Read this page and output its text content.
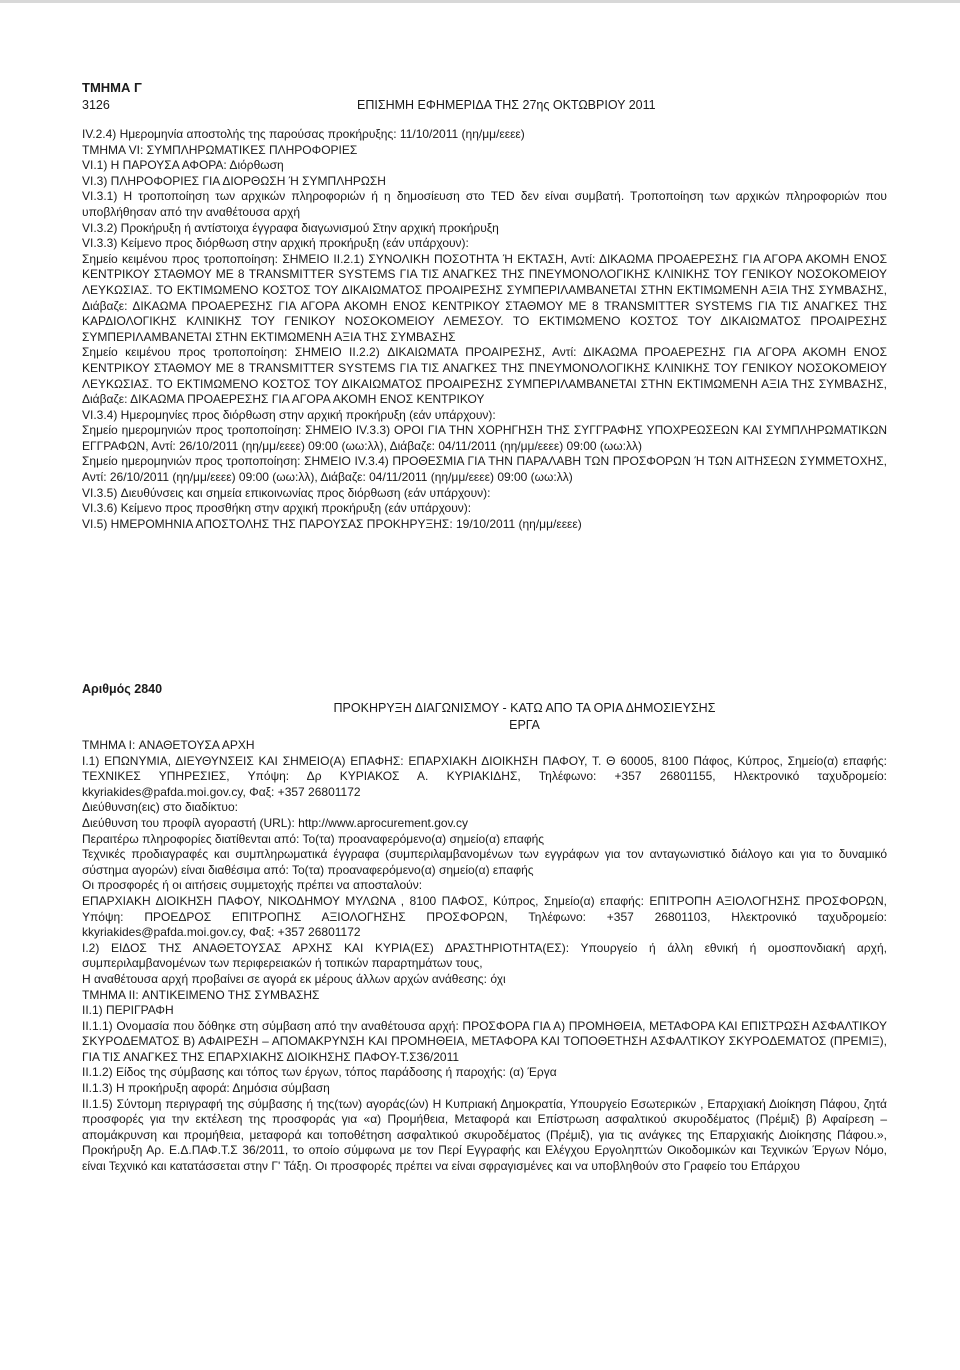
ΤΜΗΜΑ Γ
3126	ΕΠΙΣΗΜΗ ΕΦΗΜΕΡΙΔΑ ΤΗΣ 27ης ΟΚΤΩΒΡΙΟΥ 2011

IV.2.4) Ημερομηνία αποστολής της παρούσας προκήρυξης: 11/10/2011 (ηη/μμ/εεεε)

ΤΜΗΜΑ VI: ΣΥΜΠΛΗΡΩΜΑΤΙΚΕΣ ΠΛΗΡΟΦΟΡΙΕΣ

VI.1) Η ΠΑΡΟΥΣΑ ΑΦΟΡΑ: Διόρθωση

VI.3) ΠΛΗΡΟΦΟΡΙΕΣ ΓΙΑ ΔΙΟΡΘΩΣΗ Ή ΣΥΜΠΛΗΡΩΣΗ

VI.3.1) Η τροποποίηση των αρχικών πληροφοριών ή η δημοσίευση στο TED δεν είναι συμβατή. Τροποποίηση των αρχικών πληροφοριών που υποβλήθησαν από την αναθέτουσα αρχή

VI.3.2) Προκήρυξη ή αντίστοιχα έγγραφα διαγωνισμού Στην αρχική προκήρυξη

VI.3.3) Κείμενο προς διόρθωση στην αρχική προκήρυξη (εάν υπάρχουν):

Σημείο κειμένου προς τροποποίηση: ΣΗΜΕΙΟ II.2.1) ΣΥΝΟΛΙΚΗ ΠΟΣΟΤΗΤΑ Ή ΕΚΤΑΣΗ, Αντί: ΔΙΚΑΩΜΑ ΠΡΟΑΕΡΕΣΗΣ ΓΙΑ ΑΓΟΡΑ ΑΚΟΜΗ ΕΝΟΣ ΚΕΝΤΡΙΚΟΥ ΣΤΑΘΜΟΥ ΜΕ 8 TRANSMITTER SYSTEMS ΓΙΑ ΤΙΣ ΑΝΑΓΚΕΣ ΤΗΣ ΠΝΕΥΜΟΝΟΛΟΓΙΚΗΣ ΚΛΙΝΙΚΗΣ ΤΟΥ ΓΕΝΙΚΟΥ ΝΟΣΟΚΟΜΕΙΟΥ ΛΕΥΚΩΣΙΑΣ. ΤΟ ΕΚΤΙΜΩΜΕΝΟ ΚΟΣΤΟΣ ΤΟΥ ΔΙΚΑΙΩΜΑΤΟΣ ΠΡΟΑΙΡΕΣΗΣ ΣΥΜΠΕΡΙΛΑΜΒΑΝΕΤΑΙ ΣΤΗΝ ΕΚΤΙΜΩΜΕΝΗ ΑΞΙΑ ΤΗΣ ΣΥΜΒΑΣΗΣ, Διάβαζε: ΔΙΚΑΩΜΑ ΠΡΟΑΕΡΕΣΗΣ ΓΙΑ ΑΓΟΡΑ ΑΚΟΜΗ ΕΝΟΣ ΚΕΝΤΡΙΚΟΥ ΣΤΑΘΜΟΥ ΜΕ 8 TRANSMITTER SYSTEMS ΓΙΑ ΤΙΣ ΑΝΑΓΚΕΣ ΤΗΣ ΚΑΡΔΙΟΛΟΓΙΚΗΣ ΚΛΙΝΙΚΗΣ ΤΟΥ ΓΕΝΙΚΟΥ ΝΟΣΟΚΟΜΕΙΟΥ ΛΕΜΕΣΟΥ. ΤΟ ΕΚΤΙΜΩΜΕΝΟ ΚΟΣΤΟΣ ΤΟΥ ΔΙΚΑΙΩΜΑΤΟΣ ΠΡΟΑΙΡΕΣΗΣ ΣΥΜΠΕΡΙΛΑΜΒΑΝΕΤΑΙ ΣΤΗΝ ΕΚΤΙΜΩΜΕΝΗ ΑΞΙΑ ΤΗΣ ΣΥΜΒΑΣΗΣ

Σημείο κειμένου προς τροποποίηση: ΣΗΜΕΙΟ II.2.2) ΔΙΚΑΙΩΜΑΤΑ ΠΡΟΑΙΡΕΣΗΣ, Αντί: ΔΙΚΑΩΜΑ ΠΡΟΑΕΡΕΣΗΣ ΓΙΑ ΑΓΟΡΑ ΑΚΟΜΗ ΕΝΟΣ ΚΕΝΤΡΙΚΟΥ ΣΤΑΘΜΟΥ ΜΕ 8 TRANSMITTER SYSTEMS ΓΙΑ ΤΙΣ ΑΝΑΓΚΕΣ ΤΗΣ ΠΝΕΥΜΟΝΟΛΟΓΙΚΗΣ ΚΛΙΝΙΚΗΣ ΤΟΥ ΓΕΝΙΚΟΥ ΝΟΣΟΚΟΜΕΙΟΥ ΛΕΥΚΩΣΙΑΣ. ΤΟ ΕΚΤΙΜΩΜΕΝΟ ΚΟΣΤΟΣ ΤΟΥ ΔΙΚΑΙΩΜΑΤΟΣ ΠΡΟΑΙΡΕΣΗΣ ΣΥΜΠΕΡΙΛΑΜΒΑΝΕΤΑΙ ΣΤΗΝ ΕΚΤΙΜΩΜΕΝΗ ΑΞΙΑ ΤΗΣ ΣΥΜΒΑΣΗΣ, Διάβαζε: ΔΙΚΑΩΜΑ ΠΡΟΑΕΡΕΣΗΣ ΓΙΑ ΑΓΟΡΑ ΑΚΟΜΗ ΕΝΟΣ ΚΕΝΤΡΙΚΟΥ

VI.3.4) Ημερομηνίες προς διόρθωση στην αρχική προκήρυξη (εάν υπάρχουν):

Σημείο ημερομηνιών προς τροποποίηση: ΣΗΜΕΙΟ IV.3.3) ΟΡΟΙ ΓΙΑ ΤΗΝ ΧΟΡΗΓΗΣΗ ΤΗΣ ΣΥΓΓΡΑΦΗΣ ΥΠΟΧΡΕΩΣΕΩΝ ΚΑΙ ΣΥΜΠΛΗΡΩΜΑΤΙΚΩΝ ΕΓΓΡΑΦΩΝ, Αντί: 26/10/2011 (ηη/μμ/εεεε) 09:00 (ωω:λλ), Διάβαζε: 04/11/2011 (ηη/μμ/εεεε) 09:00 (ωω:λλ)

Σημείο ημερομηνιών προς τροποποίηση: ΣΗΜΕΙΟ IV.3.4) ΠΡΟΘΕΣΜΙΑ ΓΙΑ ΤΗΝ ΠΑΡΑΛΑΒΗ ΤΩΝ ΠΡΟΣΦΟΡΩΝ Ή ΤΩΝ ΑΙΤΗΣΕΩΝ ΣΥΜΜΕΤΟΧΗΣ, Αντί: 26/10/2011 (ηη/μμ/εεεε) 09:00 (ωω:λλ), Διάβαζε: 04/11/2011 (ηη/μμ/εεεε) 09:00 (ωω:λλ)

VI.3.5) Διευθύνσεις και σημεία επικοινωνίας προς διόρθωση (εάν υπάρχουν):

VI.3.6) Κείμενο προς προσθήκη στην αρχική προκήρυξη (εάν υπάρχουν):

VI.5) ΗΜΕΡΟΜΗΝΙΑ ΑΠΟΣΤΟΛΗΣ ΤΗΣ ΠΑΡΟΥΣΑΣ ΠΡΟΚΗΡΥΞΗΣ: 19/10/2011 (ηη/μμ/εεεε)

Αριθμός 2840
ΠΡΟΚΗΡΥΞΗ ΔΙΑΓΩΝΙΣΜΟΥ - ΚΑΤΩ ΑΠΟ ΤΑ ΟΡΙΑ ΔΗΜΟΣΙΕΥΣΗΣ
ΕΡΓΑ

ΤΜΗΜΑ I: ΑΝΑΘΕΤΟΥΣΑ ΑΡΧΗ

I.1) ΕΠΩΝΥΜΙΑ, ΔΙΕΥΘΥΝΣΕΙΣ ΚΑΙ ΣΗΜΕΙΟ(Α) ΕΠΑΦΗΣ: ΕΠΑΡΧΙΑΚΗ ΔΙΟΙΚΗΣΗ ΠΑΦΟΥ, Τ. Θ 60005, 8100 Πάφος, Κύπρος, Σημείο(α) επαφής: ΤΕΧΝΙΚΕΣ ΥΠΗΡΕΣΙΕΣ, Υπόψη: Δρ ΚΥΡΙΑΚΟΣ Α. ΚΥΡΙΑΚΙΔΗΣ, Τηλέφωνο: +357 26801155, Ηλεκτρονικό ταχυδρομείο: kkyriakides@pafda.moi.gov.cy, Φαξ: +357 26801172

Διεύθυνση(εις) στο διαδίκτυο:

Διεύθυνση του προφίλ αγοραστή (URL): http://www.aprocurement.gov.cy

Περαιτέρω πληροφορίες διατίθενται από: Το(τα) προαναφερόμενο(α) σημείο(α) επαφής

Τεχνικές προδιαγραφές και συμπληρωματικά έγγραφα (συμπεριλαμβανομένων των εγγράφων για τον ανταγωνιστικό διάλογο και για το δυναμικό σύστημα αγορών) είναι διαθέσιμα από: Το(τα) προαναφερόμενο(α) σημείο(α) επαφής

Οι προσφορές ή οι αιτήσεις συμμετοχής πρέπει να αποσταλούν:

ΕΠΑΡΧΙΑΚΗ ΔΙΟΙΚΗΣΗ ΠΑΦΟΥ, ΝΙΚΟΔΗΜΟΥ ΜΥΛΩΝΑ , 8100 ΠΑΦΟΣ, Κύπρος, Σημείο(α) επαφής: ΕΠΙΤΡΟΠΗ ΑΞΙΟΛΟΓΗΣΗΣ ΠΡΟΣΦΟΡΩΝ, Υπόψη: ΠΡΟΕΔΡΟΣ ΕΠΙΤΡΟΠΗΣ ΑΞΙΟΛΟΓΗΣΗΣ ΠΡΟΣΦΟΡΩΝ, Τηλέφωνο: +357 26801103, Ηλεκτρονικό ταχυδρομείο: kkyriakides@pafda.moi.gov.cy, Φαξ: +357 26801172

I.2) ΕΙΔΟΣ ΤΗΣ ΑΝΑΘΕΤΟΥΣΑΣ ΑΡΧΗΣ ΚΑΙ ΚΥΡΙΑ(ΕΣ) ΔΡΑΣΤΗΡΙΟΤΗΤΑ(ΕΣ): Υπουργείο ή άλλη εθνική ή ομοσπονδιακή αρχή, συμπεριλαμβανομένων των περιφερειακών ή τοπικών παραρτημάτων τους,

Η αναθέτουσα αρχή προβαίνει σε αγορά εκ μέρους άλλων αρχών ανάθεσης: όχι

ΤΜΗΜΑ II: ΑΝΤΙΚΕΙΜΕΝΟ ΤΗΣ ΣΥΜΒΑΣΗΣ

II.1) ΠΕΡΙΓΡΑΦΗ

II.1.1) Ονομασία που δόθηκε στη σύμβαση από την αναθέτουσα αρχή: ΠΡΟΣΦΟΡΑ ΓΙΑ Α) ΠΡΟΜΗΘΕΙΑ, ΜΕΤΑΦΟΡΑ ΚΑΙ ΕΠΙΣΤΡΩΣΗ ΑΣΦΑΛΤΙΚΟΥ ΣΚΥΡΟΔΕΜΑΤΟΣ Β) ΑΦΑΙΡΕΣΗ – ΑΠΟΜΑΚΡΥΝΣΗ ΚΑΙ ΠΡΟΜΗΘΕΙΑ, ΜΕΤΑΦΟΡΑ ΚΑΙ ΤΟΠΟΘΕΤΗΣΗ ΑΣΦΑΛΤΙΚΟΥ ΣΚΥΡΟΔΕΜΑΤΟΣ (ΠΡΕΜΙΞ), ΓΙΑ ΤΙΣ ΑΝΑΓΚΕΣ ΤΗΣ ΕΠΑΡΧΙΑΚΗΣ ΔΙΟΙΚΗΣΗΣ ΠΑΦΟΥ-Τ.Σ36/2011

II.1.2) Είδος της σύμβασης και τόπος των έργων, τόπος παράδοσης ή παροχής: (α) Έργα

II.1.3) Η προκήρυξη αφορά: Δημόσια σύμβαση

II.1.5) Σύντομη περιγραφή της σύμβασης ή της(των) αγοράς(ών) Η Κυπριακή Δημοκρατία, Υπουργείο Εσωτερικών , Επαρχιακή Διοίκηση Πάφου, ζητά προσφορές για την εκτέλεση της προσφοράς για «α) Προμήθεια, Μεταφορά και Επίστρωση ασφαλτικού σκυροδέματος (Πρέμιξ) β) Αφαίρεση – απομάκρυνση και προμήθεια, μεταφορά και τοποθέτηση ασφαλτικού σκυροδέματος (Πρέμιξ), για τις ανάγκες της Επαρχιακής Διοίκησης Πάφου.», Προκήρυξη Αρ. Ε.Δ.ΠΑΦ.Τ.Σ 36/2011, το οποίο σύμφωνα με τον Περί Εγγραφής και Ελέγχου Εργοληπτών Οικοδομικών και Τεχνικών Έργων Νόμο, είναι Τεχνικό και κατατάσσεται στην Γ' Τάξη. Οι προσφορές πρέπει να είναι σφραγισμένες και να υποβληθούν στο Γραφείο του Επάρχου
